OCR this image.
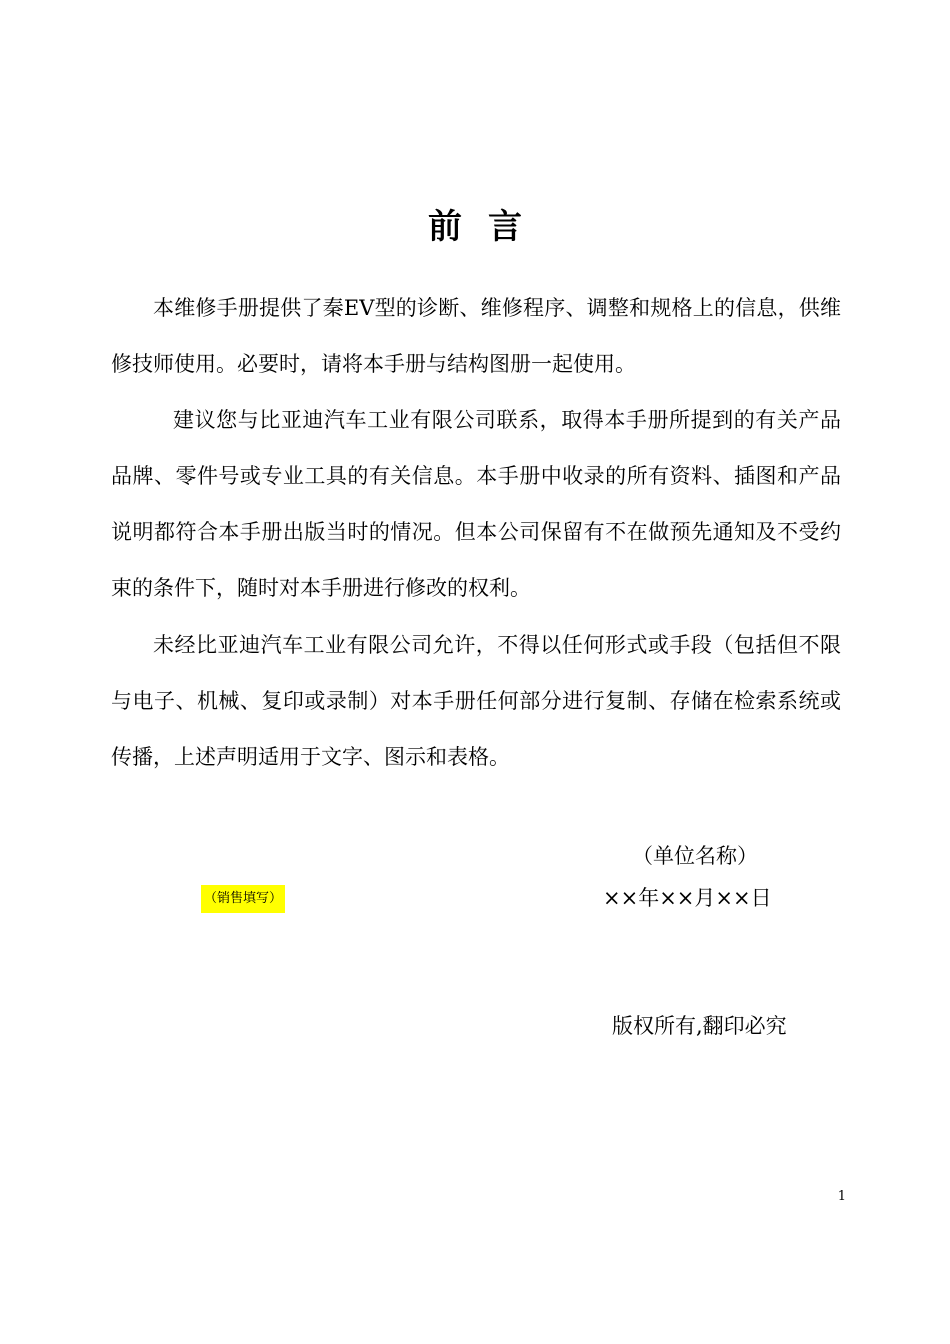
前言

本维修手册提供了秦EV型的诊断、维修程序、调整和规格上的信息，供维修技师使用。必要时，请将本手册与结构图册一起使用。

建议您与比亚迪汽车工业有限公司联系，取得本手册所提到的有关产品品牌、零件号或专业工具的有关信息。本手册中收录的所有资料、插图和产品说明都符合本手册出版当时的情况。但本公司保留有不在做预先通知及不受约束的条件下，随时对本手册进行修改的权利。

未经比亚迪汽车工业有限公司允许，不得以任何形式或手段（包括但不限与电子、机械、复印或录制）对本手册任何部分进行复制、存储在检索系统或传播，上述声明适用于文字、图示和表格。

（单位名称）
（销售填写）	××年××月××日
版权所有,翻印必究
1
